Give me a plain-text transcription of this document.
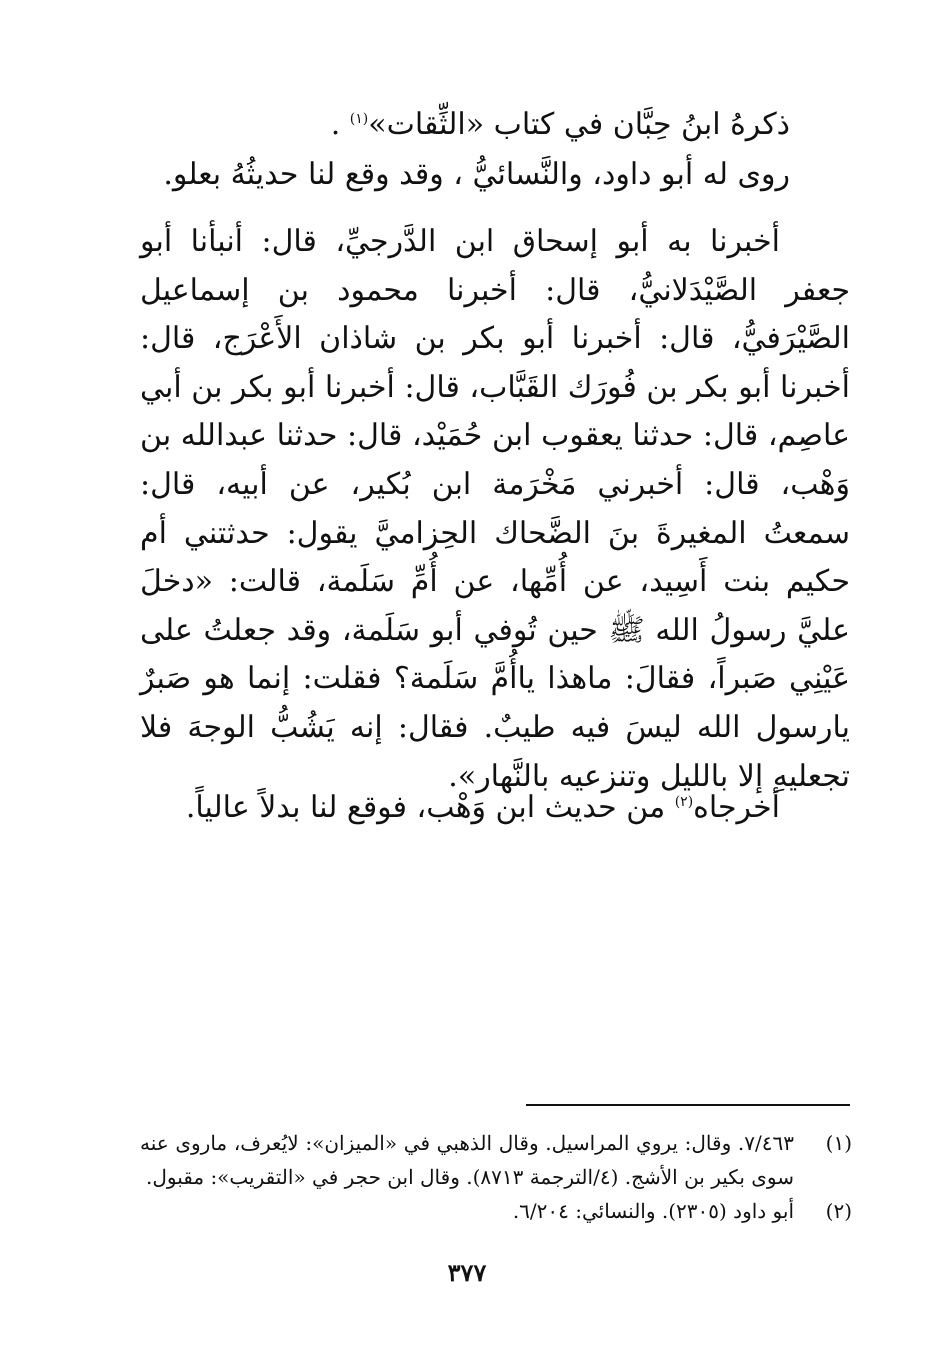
ذكرهُ ابنُ حِبَّان في كتاب «الثِّقات»$^{(١)}$ .

روى له أبو داود، والنَّسائيُّ ، وقد وقع لنا حديثُهُ بعلو.

أخبرنا به أبو إسحاق ابن الدَّرجيِّ، قال: أنبأنا أبو جعفر الصَّيْدَلانيُّ، قال: أخبرنا محمود بن إسماعيل الصَّيْرَفيُّ، قال: أخبرنا أبو بكر بن شاذان الأَعْرَج، قال: أخبرنا أبو بكر بن فُورَك القَبَّاب، قال: أخبرنا أبو بكر بن أبي عاصِم، قال: حدثنا يعقوب ابن حُمَيْد، قال: حدثنا عبدالله بن وَهْب، قال: أخبرني مَخْرَمة ابن بُكير، عن أبيه، قال: سمعتُ المغيرةَ بنَ الضَّحاك الحِزاميَّ يقول: حدثتني أم حكيم بنت أَسِيد، عن أُمِّها، عن أُمِّ سَلَمة، قالت: «دخلَ عليَّ رسولُ الله ﷺ حين تُوفي أبو سَلَمة، وقد جعلتُ على عَيْنِي صَبراً، فقالَ: ماهذا ياأُمَّ سَلَمة؟ فقلت: إنما هو صَبرٌ يارسول الله ليسَ فيه طيبٌ. فقال: إنه يَشُبُّ الوجهَ فلا تجعليهِ إلا بالليل وتنزعيه بالنَّهار».

أخرجاه$^{(٢)}$ من حديث ابن وَهْب، فوقع لنا بدلاً عالياً.

(١)
٧/٤٦٣. وقال: يروي المراسيل. وقال الذهبي في «الميزان»: لايُعرف، ماروى عنه سوى بكير بن الأشج. (٤/الترجمة ٨٧١٣). وقال ابن حجر في «التقريب»: مقبول.
(٢)
أبو داود (٢٣٠٥). والنسائي: ٦/٢٠٤.
٣٧٧
